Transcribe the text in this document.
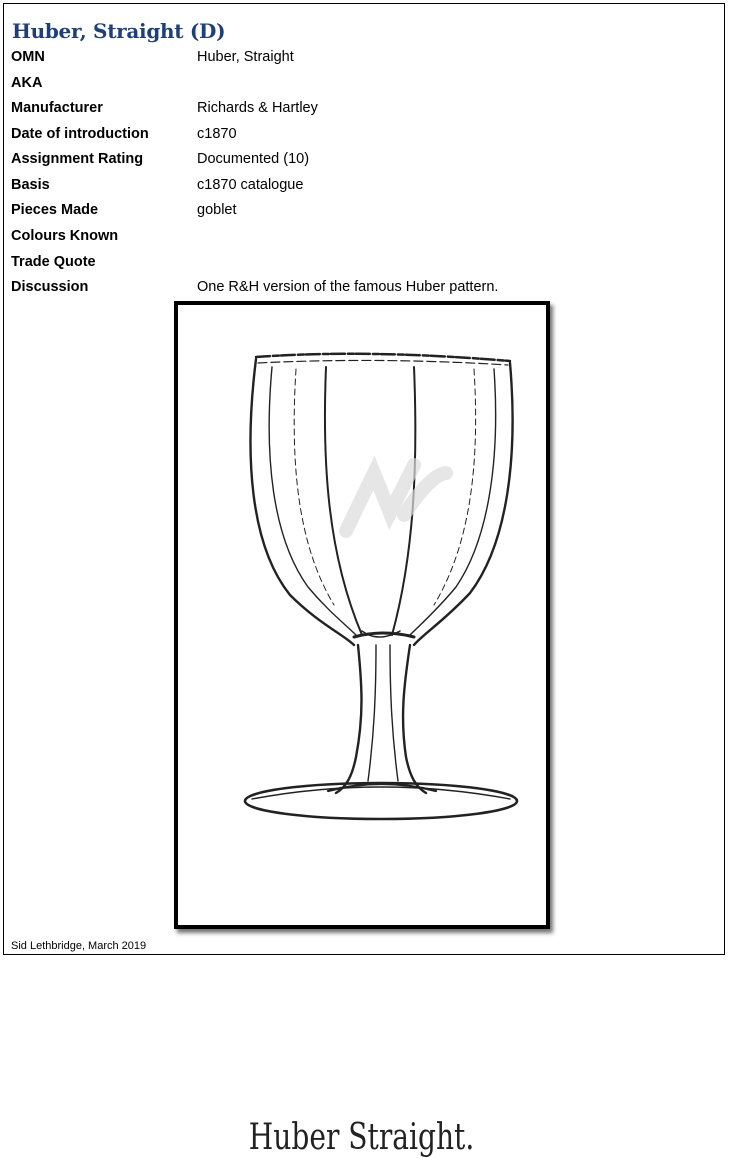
Huber, Straight (D)
OMN	Huber, Straight
AKA
Manufacturer	Richards & Hartley
Date of introduction	c1870
Assignment Rating	Documented (10)
Basis	c1870 catalogue
Pieces Made	goblet
Colours Known
Trade Quote
Discussion	One R&H version of the famous Huber pattern.
Huber Straight.
Sid Lethbridge, March 2019
